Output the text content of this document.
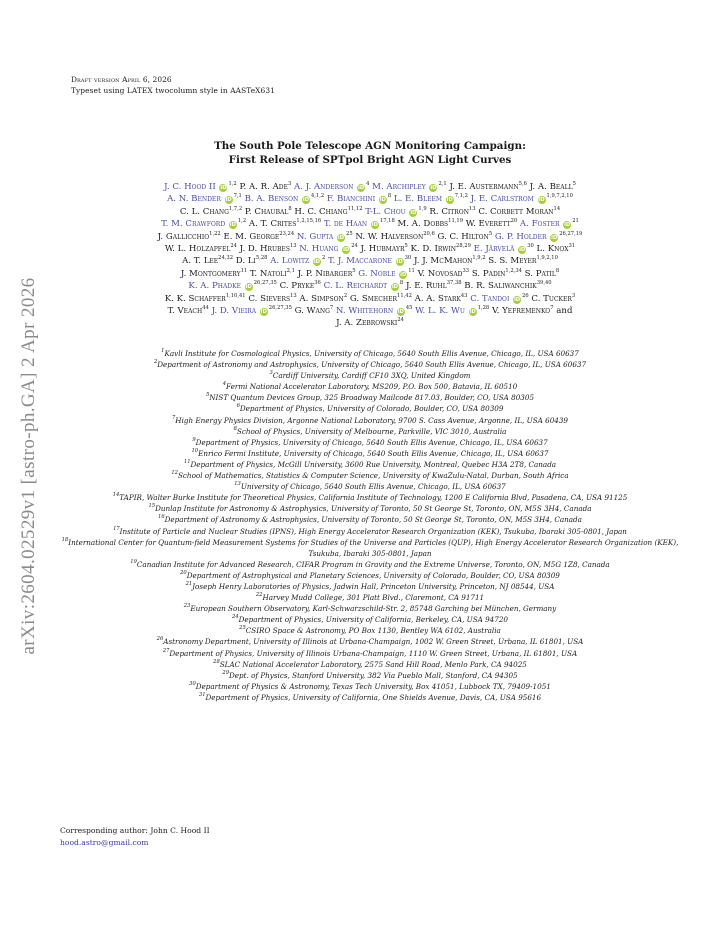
Draft version April 6, 2026
Typeset using LATEX twocolumn style in AASTeX631
arXiv:2604.02529v1 [astro-ph.GA] 2 Apr 2026
The South Pole Telescope AGN Monitoring Campaign:
First Release of SPTpol Bright AGN Light Curves
J. C. Hood II iD$^{1,2}$ P. A. R. Ade$^3$ A. J. Anderson $iD^4$ M. Archipley iD$^{2,1}$ J. E. Austermann$^{5,6}$ J. A. Beall$^5$
A. N. Bender iD$^{7,1}$ B. A. Benson iD$^{4,1,2}$ F. Bianchini $iD^8$ L. E. Bleem iD$^{7,1,2}$ J. E. Carlstrom iD$^{1,9,7,2,10}$
C. L. Chang$^{1,7,2}$ P. Chaubal$^8$ H. C. Chiang$^{11,12}$ T-L. Chou iD$^{1,9}$ R. Citron$^{13}$ C. Corbett Moran$^{14}$
T. M. Crawford iD$^{1,2}$ A. T. Crites$^{1,2,15,16}$ T. de Haan iD$^{17,18}$ M. A. Dobbs$^{11,19}$ W. Everett$^{20}$ A. Foster $iD^{21}$
J. Gallicchio$^{1,22}$ E. M. George$^{23,24}$ N. Gupta $iD^{25}$ N. W. Halverson$^{20,6}$ G. C. Hilton$^5$ G. P. Holder iD$^{26,27,19}$
W. L. Holzapfel$^{24}$ J. D. Hrubes$^{13}$ N. Huang $iD^{24}$ J. Hubmayr$^5$ K. D. Irwin$^{28,29}$ E. Järvelä $iD^{30}$ L. Knox$^{31}$
A. T. Lee$^{24,32}$ D. Li$^{5,28}$ A. Lowitz $iD^2$ T. J. Maccarone $iD^{30}$ J. J. McMahon$^{1,9,2}$ S. S. Meyer$^{1,9,2,10}$
J. Montgomery$^{11}$ T. Natoli$^{2,1}$ J. P. Nibarger$^5$ G. Noble $iD^{11}$ V. Novosad$^{33}$ S. Padin$^{1,2,34}$ S. Patil$^8$
K. A. Phadke iD$^{26,27,35}$ C. Pryke$^{36}$ C. L. Reichardt $iD^8$ J. E. Ruhl$^{37,38}$ B. R. Saliwanchik$^{39,40}$
K. K. Schaffer$^{1,10,41}$ C. Sievers$^{13}$ A. Simpson$^2$ G. Smecher$^{11,42}$ A. A. Stark$^{43}$ C. Tandoi $iD^{26}$ C. Tucker$^3$
T. Veach$^{44}$ J. D. Vieira iD$^{26,27,35}$ G. Wang$^7$ N. Whitehorn $iD^{45}$ W. L. K. Wu iD$^{1,28}$ V. Yefremenko$^7$ and
J. A. Zebrowski$^{24}$
$^1$Kavli Institute for Cosmological Physics, University of Chicago, 5640 South Ellis Avenue, Chicago, IL, USA 60637
$^2$Department of Astronomy and Astrophysics, University of Chicago, 5640 South Ellis Avenue, Chicago, IL, USA 60637
$^3$Cardiff University, Cardiff CF10 3XQ, United Kingdom
$^4$Fermi National Accelerator Laboratory, MS209, P.O. Box 500, Batavia, IL 60510
$^5$NIST Quantum Devices Group, 325 Broadway Mailcode 817.03, Boulder, CO, USA 80305
$^6$Department of Physics, University of Colorado, Boulder, CO, USA 80309
$^7$High Energy Physics Division, Argonne National Laboratory, 9700 S. Cass Avenue, Argonne, IL, USA 60439
$^8$School of Physics, University of Melbourne, Parkville, VIC 3010, Australia
$^9$Department of Physics, University of Chicago, 5640 South Ellis Avenue, Chicago, IL, USA 60637
$^{10}$Enrico Fermi Institute, University of Chicago, 5640 South Ellis Avenue, Chicago, IL, USA 60637
$^{11}$Department of Physics, McGill University, 3600 Rue University, Montreal, Quebec H3A 2T8, Canada
$^{12}$School of Mathematics, Statistics & Computer Science, University of KwaZulu-Natal, Durban, South Africa
$^{13}$University of Chicago, 5640 South Ellis Avenue, Chicago, IL, USA 60637
$^{14}$TAPIR, Walter Burke Institute for Theoretical Physics, California Institute of Technology, 1200 E California Blvd, Pasadena, CA, USA 91125
$^{15}$Dunlap Institute for Astronomy & Astrophysics, University of Toronto, 50 St George St, Toronto, ON, M5S 3H4, Canada
$^{16}$Department of Astronomy & Astrophysics, University of Toronto, 50 St George St, Toronto, ON, M5S 3H4, Canada
$^{17}$Institute of Particle and Nuclear Studies (IPNS), High Energy Accelerator Research Organization (KEK), Tsukuba, Ibaraki 305-0801, Japan
$^{18}$International Center for Quantum-field Measurement Systems for Studies of the Universe and Particles (QUP), High Energy Accelerator Research Organization (KEK), Tsukuba, Ibaraki 305-0801, Japan
$^{19}$Canadian Institute for Advanced Research, CIFAR Program in Gravity and the Extreme Universe, Toronto, ON, M5G 1Z8, Canada
$^{20}$Department of Astrophysical and Planetary Sciences, University of Colorado, Boulder, CO, USA 80309
$^{21}$Joseph Henry Laboratories of Physics, Jadwin Hall, Princeton University, Princeton, NJ 08544, USA
$^{22}$Harvey Mudd College, 301 Platt Blvd., Claremont, CA 91711
$^{23}$European Southern Observatory, Karl-Schwarzschild-Str. 2, 85748 Garching bei München, Germany
$^{24}$Department of Physics, University of California, Berkeley, CA, USA 94720
$^{25}$CSIRO Space & Astronomy, PO Box 1130, Bentley WA 6102, Australia
$^{26}$Astronomy Department, University of Illinois at Urbana-Champaign, 1002 W. Green Street, Urbana, IL 61801, USA
$^{27}$Department of Physics, University of Illinois Urbana-Champaign, 1110 W. Green Street, Urbana, IL 61801, USA
$^{28}$SLAC National Accelerator Laboratory, 2575 Sand Hill Road, Menlo Park, CA 94025
$^{29}$Dept. of Physics, Stanford University, 382 Via Pueblo Mall, Stanford, CA 94305
$^{30}$Department of Physics & Astronomy, Texas Tech University, Box 41051, Lubbock TX, 79409-1051
$^{31}$Department of Physics, University of California, One Shields Avenue, Davis, CA, USA 95616
Corresponding author: John C. Hood II
hood.astro@gmail.com
